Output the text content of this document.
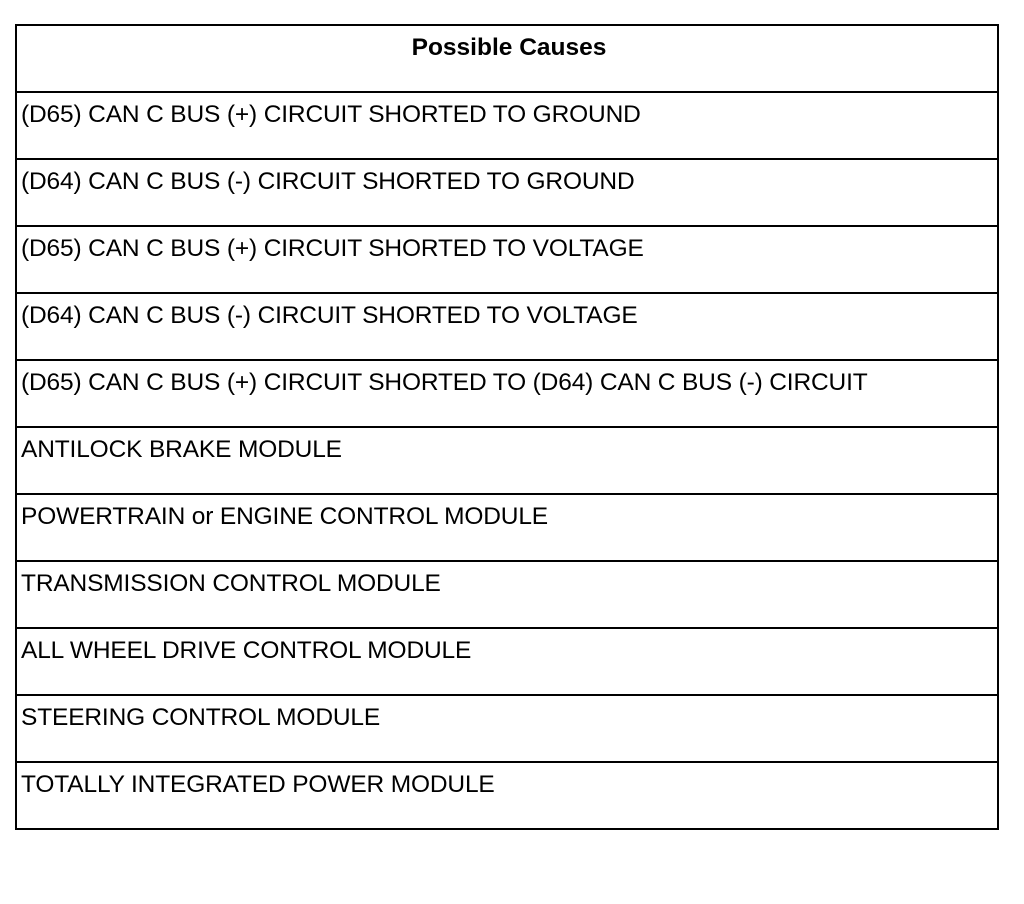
Possible Causes
(D65) CAN C BUS (+) CIRCUIT SHORTED TO GROUND
(D64) CAN C BUS (-) CIRCUIT SHORTED TO GROUND
(D65) CAN C BUS (+) CIRCUIT SHORTED TO VOLTAGE
(D64) CAN C BUS (-) CIRCUIT SHORTED TO VOLTAGE
(D65) CAN C BUS (+) CIRCUIT SHORTED TO (D64) CAN C BUS (-) CIRCUIT
ANTILOCK BRAKE MODULE
POWERTRAIN or ENGINE CONTROL MODULE
TRANSMISSION CONTROL MODULE
ALL WHEEL DRIVE CONTROL MODULE
STEERING CONTROL MODULE
TOTALLY INTEGRATED POWER MODULE
